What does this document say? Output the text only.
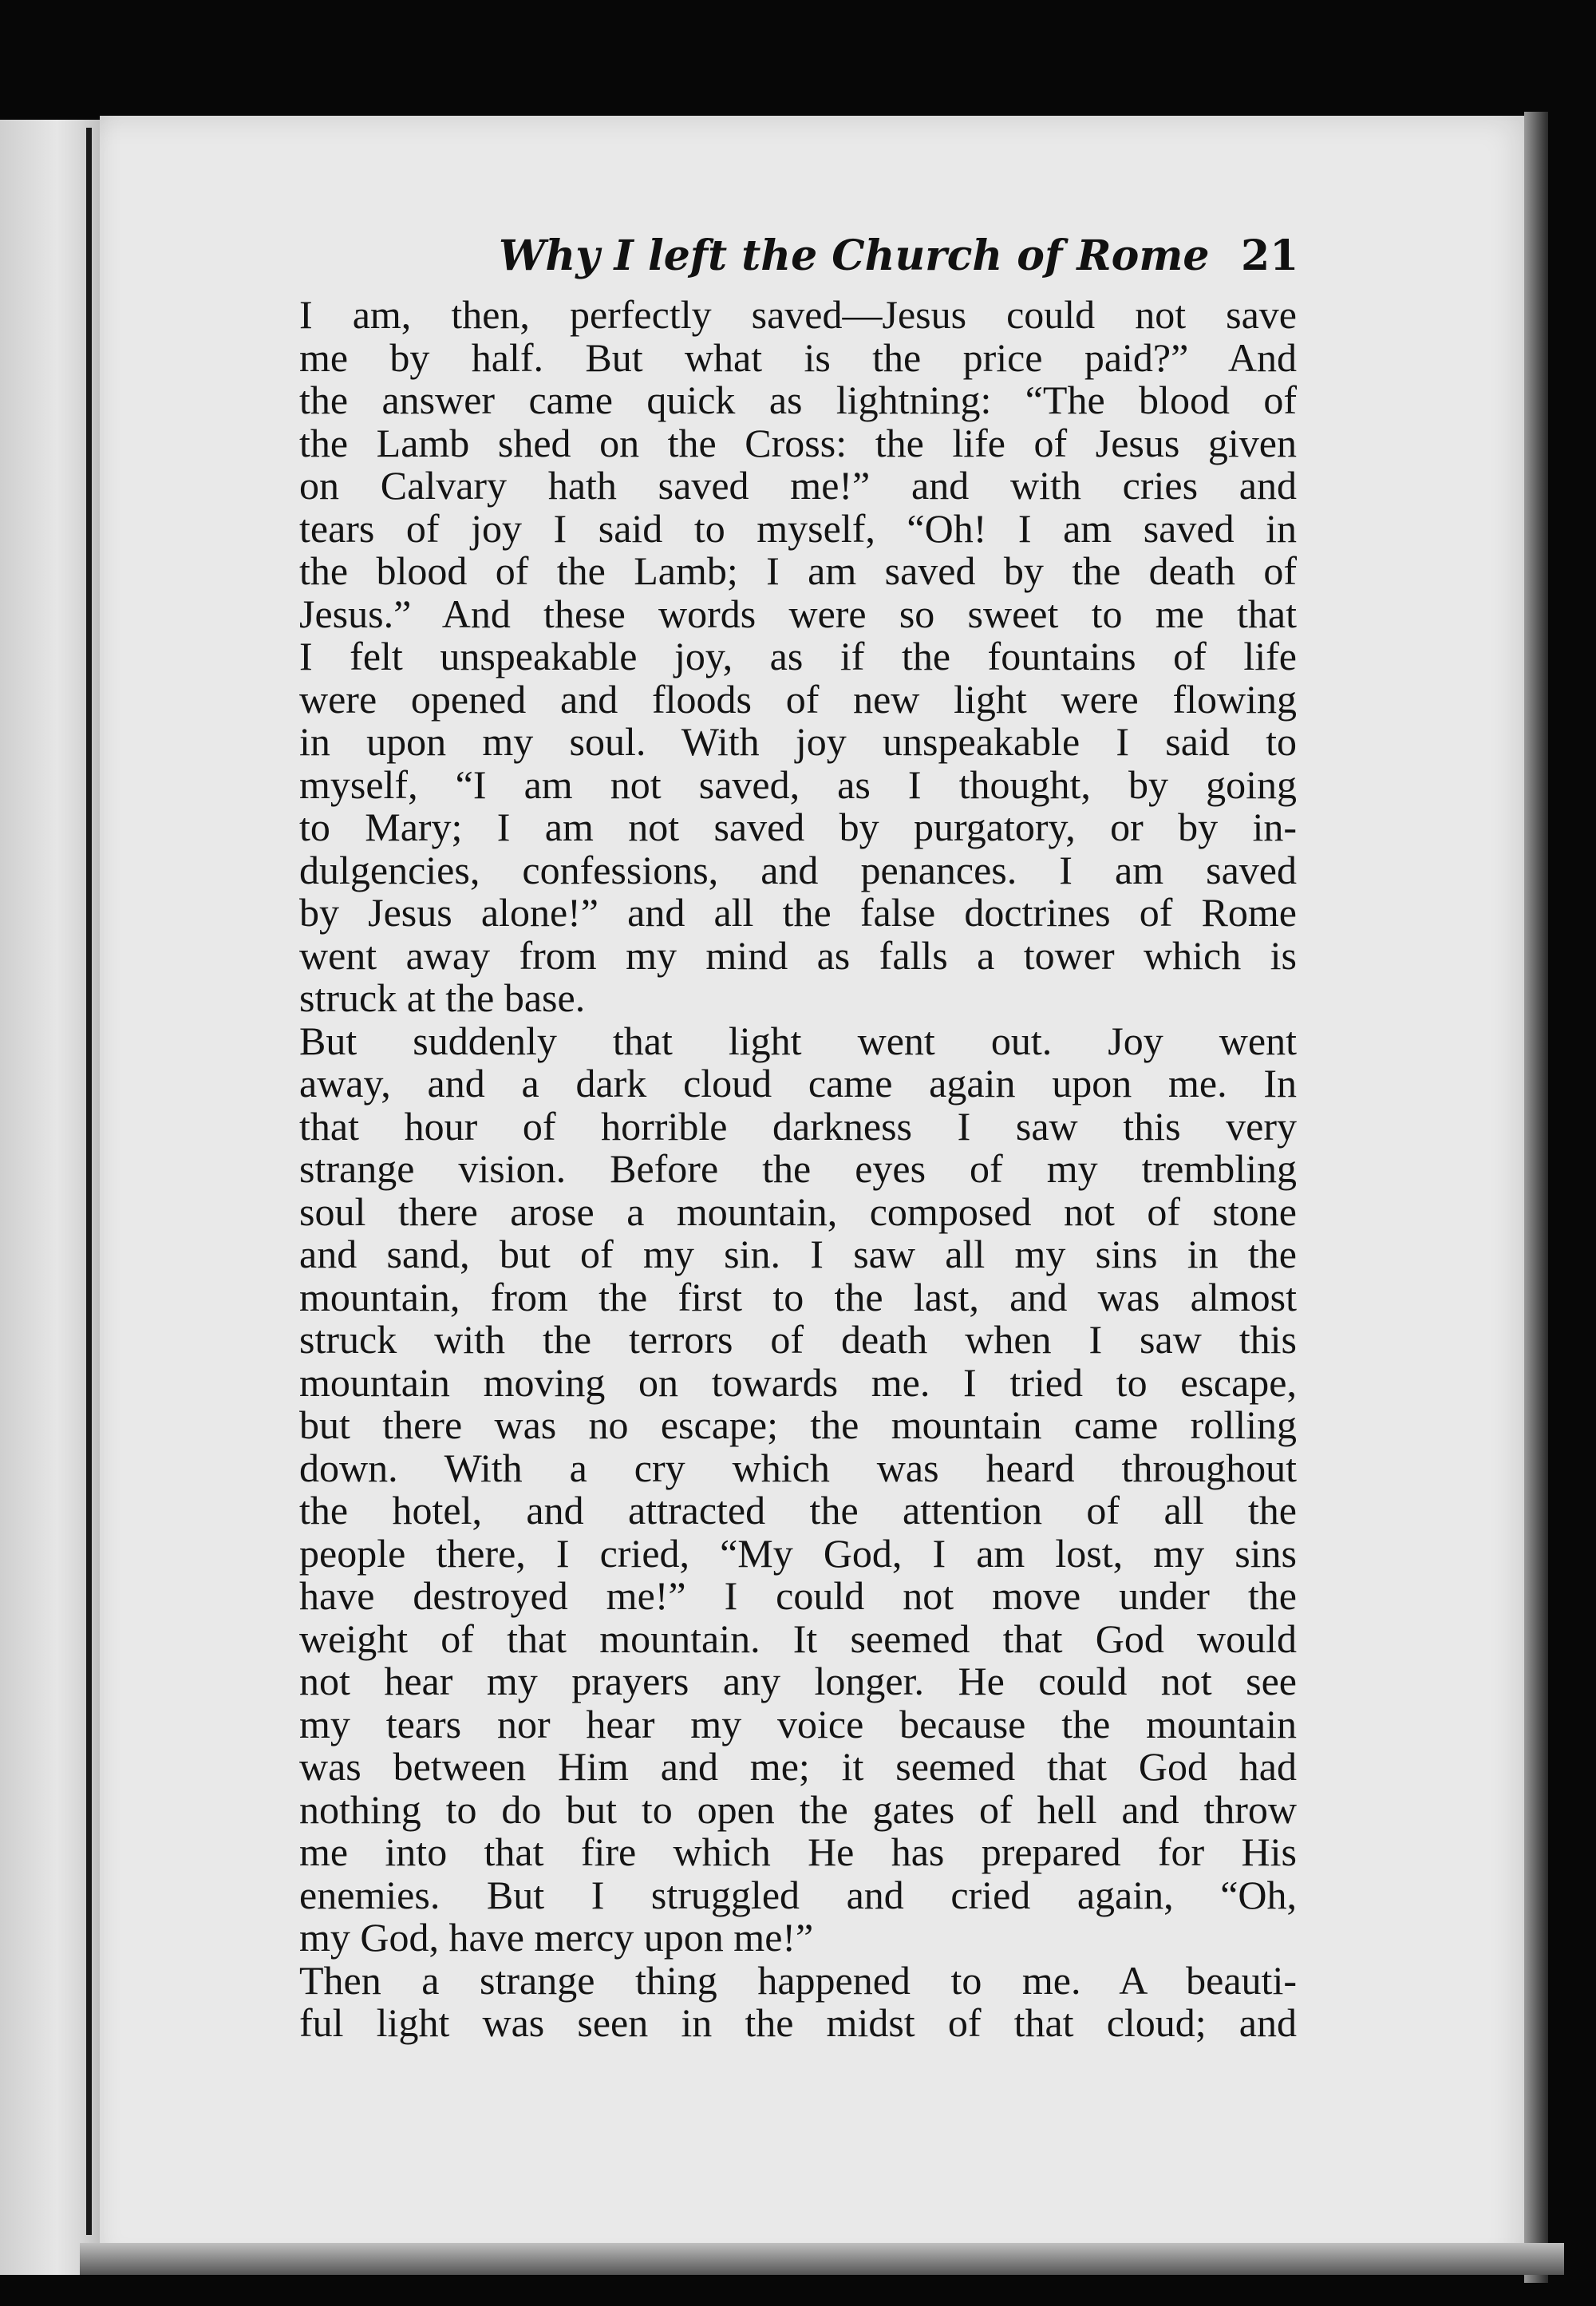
Why I left the Church of Rome 21
I am, then, perfectly saved—Jesus could not save
me by half. But what is the price paid?” And
the answer came quick as lightning: “The blood of
the Lamb shed on the Cross: the life of Jesus given
on Calvary hath saved me!” and with cries and
tears of joy I said to myself, “Oh! I am saved in
the blood of the Lamb; I am saved by the death of
Jesus.” And these words were so sweet to me that
I felt unspeakable joy, as if the fountains of life
were opened and floods of new light were flowing
in upon my soul. With joy unspeakable I said to
myself, “I am not saved, as I thought, by going
to Mary; I am not saved by purgatory, or by in-
dulgencies, confessions, and penances. I am saved
by Jesus alone!” and all the false doctrines of Rome
went away from my mind as falls a tower which is
struck at the base.
But suddenly that light went out. Joy went
away, and a dark cloud came again upon me. In
that hour of horrible darkness I saw this very
strange vision. Before the eyes of my trembling
soul there arose a mountain, composed not of stone
and sand, but of my sin. I saw all my sins in the
mountain, from the first to the last, and was almost
struck with the terrors of death when I saw this
mountain moving on towards me. I tried to escape,
but there was no escape; the mountain came rolling
down. With a cry which was heard throughout
the hotel, and attracted the attention of all the
people there, I cried, “My God, I am lost, my sins
have destroyed me!” I could not move under the
weight of that mountain. It seemed that God would
not hear my prayers any longer. He could not see
my tears nor hear my voice because the mountain
was between Him and me; it seemed that God had
nothing to do but to open the gates of hell and throw
me into that fire which He has prepared for His
enemies. But I struggled and cried again, “Oh,
my God, have mercy upon me!”
Then a strange thing happened to me. A beauti-
ful light was seen in the midst of that cloud; and
